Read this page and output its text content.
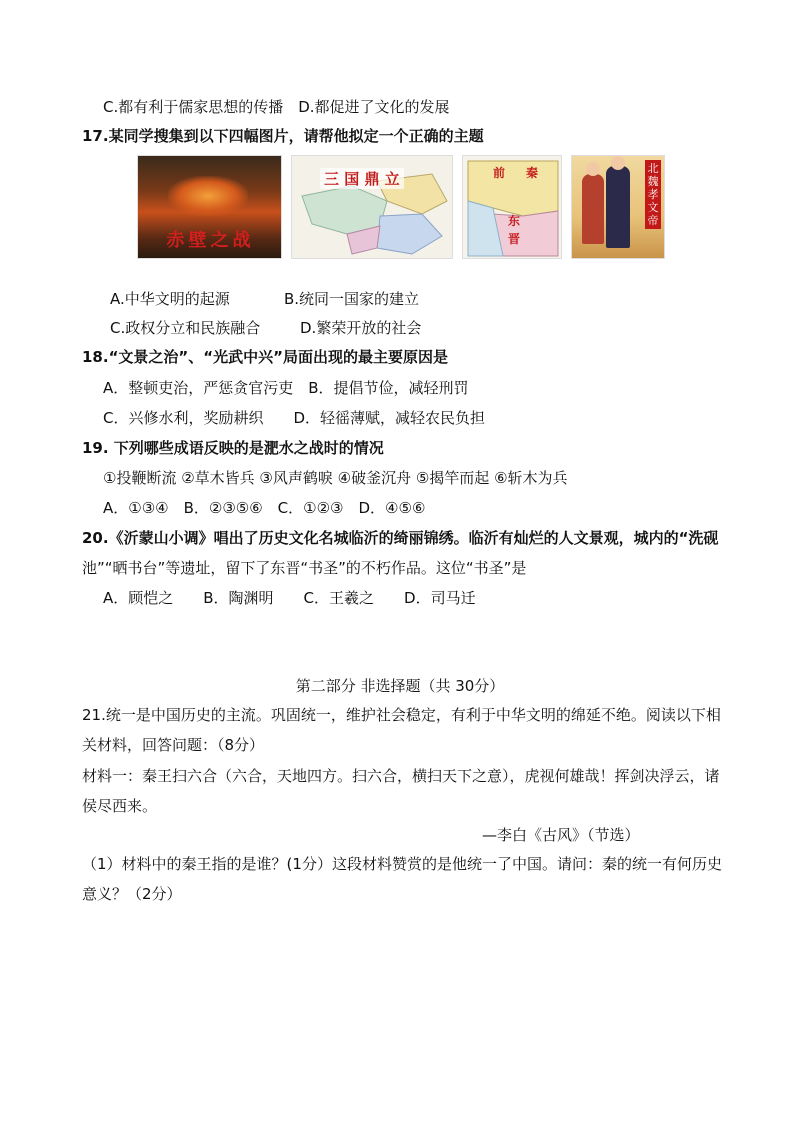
C.都有利于儒家思想的传播　D.都促进了文化的发展
17.某同学搜集到以下四幅图片，请帮他拟定一个正确的主题
赤壁之战
三 国 鼎 立	前 秦
东
晋
北魏孝文帝
A.中华文明的起源	B.统同一国家的建立
C.政权分立和民族融合	D.繁荣开放的社会
18.“文景之治”、“光武中兴”局面出现的最主要原因是
A．整顿吏治，严惩贪官污吏　B．提倡节俭，减轻刑罚
C．兴修水利，奖励耕织　　D．轻徭薄赋，减轻农民负担
19. 下列哪些成语反映的是淝水之战时的情况
①投鞭断流 ②草木皆兵 ③风声鹤唳 ④破釜沉舟 ⑤揭竿而起 ⑥斩木为兵
A．①③④　B．②③⑤⑥　C．①②③　D．④⑤⑥
20.《沂蒙山小调》唱出了历史文化名城临沂的绮丽锦绣。临沂有灿烂的人文景观，城内的“洗砚
池”“晒书台”等遗址，留下了东晋“书圣”的不朽作品。这位“书圣”是
A．顾恺之　　B．陶渊明　　C．王羲之　　D．司马迁
第二部分 非选择题（共 30分）
21.统一是中国历史的主流。巩固统一，维护社会稳定，有利于中华文明的绵延不绝。阅读以下相
关材料，回答问题：（8分）
材料一：秦王扫六合（六合，天地四方。扫六合，横扫天下之意），虎视何雄哉！挥剑决浮云，诸
侯尽西来。
—李白《古风》（节选）
（1）材料中的秦王指的是谁？(1分）这段材料赞赏的是他统一了中国。请问：秦的统一有何历史
意义？（2分）
